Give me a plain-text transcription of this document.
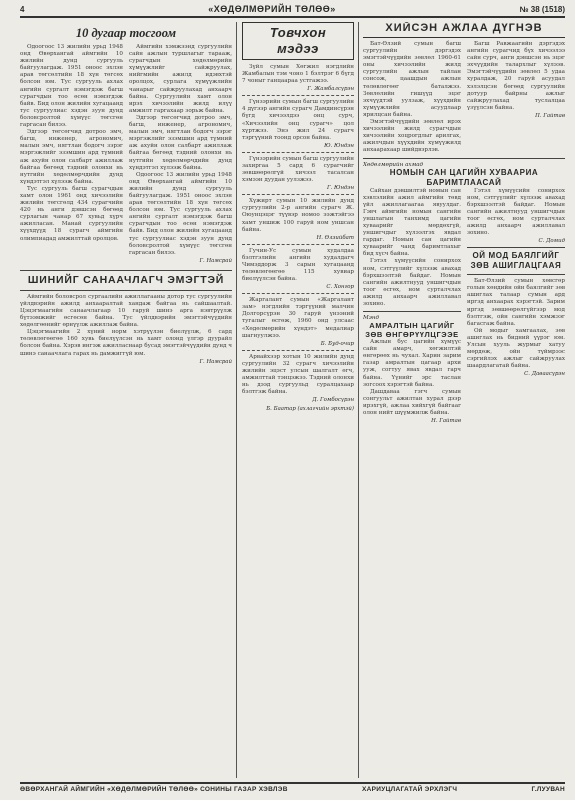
4	«ХӨДӨЛМӨРИЙН ТӨЛӨӨ»	№ 38 (1518)
10 дугаар тосгоом

Одоогоос 13 жилийн урьд 1948 онд Өвөрхангай аймгийн 10 жилийн дунд сургууль байгуулагдаж. 1951 оноос эхлэн арав төгсөлтийн 18 хүн төгсөх болсон юм. Тус сургууль ахлах ангийн сургалт нэмэгдэж багш сурагчдын тоо өсөн нэмэгдэж байв. Бид олон жилийн хугацаанд тус сургуулиас хэдэн зуун дунд боловсролтой хүмүүс төгсгөн гаргасан билээ.

Эдгээр төгсөгчид дотроо эмч, багш, инженер, агрономич, малын эмч, нягтлан бодогч зэрэг мэргэжлийг эзэмшин ард түмний аж ахуйн олон салбарт ажиллаж байгаа бөгөөд тэдний олонхи нь нутгийн хөдөлмөрчдийн дунд хүндэтгэл хүлээж байна.

Тус сургууль багш сурагчдын хамт олон 1961 онд хичээлийн жилийн төгсгөлд 434 сурагчийн 420 нь анги дэвшсэн бөгөөд сурлагын чанар 67 хувьд хүрч ажилласан. Манай сургуулийн хүүхдүүд 18 сурагч аймгийн олимпиадад амжилттай оролцов.

Аймгийн хэмжээнд сургуулийн сайн ажлын туршлагыг тарааж, сурагчдын хөдөлмөрийн хүмүүжлийг сайжруулах, нийгмийн ажилд идэвхтэй оролцох, сурлага хүмүүжлийн чанарыг сайжруулахад анхаарч байна. Сургуулийн хамт олон ирэх хичээлийн жилд илүү амжилт гаргахаар зорьж байна.

Эдгээр төгсөгчид дотроо эмч, багш, инженер, агрономич, малын эмч, нягтлан бодогч зэрэг мэргэжлийг эзэмшин ард түмний аж ахуйн олон салбарт ажиллаж байгаа бөгөөд тэдний олонхи нь нутгийн хөдөлмөрчдийн дунд хүндэтгэл хүлээж байна.

Одоогоос 13 жилийн урьд 1948 онд Өвөрхангай аймгийн 10 жилийн дунд сургууль байгуулагдаж. 1951 оноос эхлэн арав төгсөлтийн 18 хүн төгсөх болсон юм. Тус сургууль ахлах ангийн сургалт нэмэгдэж багш сурагчдын тоо өсөн нэмэгдэж байв. Бид олон жилийн хугацаанд тус сургуулиас хэдэн зуун дунд боловсролтой хүмүүс төгсгөн гаргасан билээ.

Г. Намсрай

ШИНИЙГ САНААЧЛАГЧ ЭМЭГТЭЙ

Аймгийн боловсрол сургаалийн ажиллагааны дотор тус сургуулийн үйлдвэрийн ажилд анхааралтай хандаж байгаа нь сайшаалтай. Цэцэгмаагийн санаачлагаар 10 гаруй шинэ арга нэвтрүүлж бүтээмжийг өсгөсөн байна. Тус үйлдвэрийн эмэгтэйчүүдийн хөдөлгөөнийг өрнүүлж ажиллаж байна.

Цэцэгмаагийн 2 хүний норм хэтрүүлэн биелүүлж, 6 сард төлөвлөгөөгөө 160 хувь биелүүлсэн нь хамт олонд үлгэр дуурайл болсон байна. Хэрэв ингэж ажилласнаар бусад эмэгтэйчүүдийн дунд ч шинэ санаачлага гарах нь дамжиггүй юм.

Г. Намсрай

Товчхон мэдээ

Зүйл сумын Хөгжил нэгдлийн Жамбалын тэм чоно 1 бэлтрэг 6 бүгд 7 чоныг ганцаараа устгажээ.

Г. Жамбалсүрэн

Гүнзэрийн сумын багш сургуулийн 4 дүгээр ангийн сурагч Дамдинсүрэн бүгд хичээлдээ онц сурч, «Хичээлийн онц сурагч» цол хүртжээ. Энэ жил 24 сурагч тэргүүний тоонд орсон байна.

Ю. Юндэн

Гүнзэрийн сумын багш сургуулийн захиргаа 5 сард 6 сурагчийг зөвшөөрөлгүй хичээл тасалсан хэмээн дуудан уулзжээ.

Г. Юндэн

Хүжирт сумын 10 жилийн дунд сургуулийн 2-р ангийн сурагч Ж. Оюунцэцэг түүвэр номоо ээжтэйгээ хамт уншиж 100 гаруй ном уншсан байна.

Н. Өлзийбат

Гучин-Ус сумын худалдаа бэлтгэлийн ангийн худалдагч Чимэддорж 3 сарын хугацаанд төлөвлөгөөгөө 115 хувиар биелүүлсэн байна.

С. Хонгор

Жаргалант сумын «Жаргалант зам» нэгдлийн тэргүүний малчин Долгорсүрэн 30 гаруй үнээний тугалыг өсгөж, 1960 онд улсаас «Хөдөлмөрийн хүндэт» медалиар шагнуулжээ.

Б. Буд-очир

Арвайхээр хотын 10 жилийн дунд сургуулийн 32 сурагч хичээлийн жилийн эцэст улсын шалгалт өгч, амжилттай тэнцэжээ. Тэдний олонхи нь дээд сургуульд суралцахаар бэлтгэж байна.

Д. Гомбосүрэн

Б. Баатар (ахлагчийн эрхтэй)

ХИЙСЭН АЖЛАА ДҮГНЭВ

Бат-Өлзий сумын багш сургуулийн дэргэдэх эмэгтэйчүүдийн зөвлөл 1960-61 оны хичээлийн жилд сургуулийн ажлын тайлан сонсож, цаашдын ажлын төлөвлөгөөг баталжээ. Зөвлөлийн гишүүд эцэг эхчүүдтэй уулзаж, хүүхдийн хүмүүжлийн асуудлаар ярилцсан байна.

Эмэгтэйчүүдийн зөвлөл ирэх хичээлийн жилд сурагчдын хичээлийн хоцрогдлыг арилгах, ажилчдын хүүхдийн хүмүүжилд анхаарахаар шийдвэрлэв.

Багш Равжаагийн дэргэдэх ангийн сурагчид бүх хичээлээ сайн сурч, анги дэвшсэн нь эцэг эхчүүдийн талархлыг хүлээв. Эмэгтэйчүүдийн зөвлөл 5 удаа хуралдаж, 20 гаруй асуудал хэлэлцсэн бөгөөд сургуулийн дотуур байрны ажлыг сайжруулахад туслалцаа үзүүлсэн байна.

П. Гайтав

Хөдөлмөрийн ахмад
НОМЫН САН ЦАГИЙН ХУВААРИА БАРИМТЛААСАЙ

Сайхан дэвшилтэй номын сан хэвлэлийн ажил аймгийн төвд үйл ажиллагаагаа явуулдаг. Гэвч аймгийн номын сангийн уншлагын танхимд цагийн хуваарийг мөрдөхгүй, уншигчдыг хүлээлгэх явдал гардаг. Номын сан цагийн хуваарийг чанд баримтлахыг бид хүсч байна.

Гэтэл хүмүүсийн сонирхох ном, сэтгүүлийг хүлээж авахад бэрхшээлтэй байдаг. Номын сангийн ажилтнууд уншигчдын тоог өсгөх, ном сурталчлах ажилд анхаарч ажиллавал зохино.

Мэнд
АМРАЛТЫН ЦАГИЙГ ЗӨВ ӨНГӨРҮҮЛЦГЭЭЕ

Ажлын бус цагийн хүмүүс сайн амарч, хөгжилтэй өнгөрөөх нь чухал. Харин зарим газар амралтын цагаар архи ууж, согтуу явах явдал гарч байна. Үүнийг эрс таслан зогсоох хэрэгтэй байна.

Дашдаваа гэгч сумын сонгуульт ажилтан хурал дээр ирэхгүй, ажлаа хийхгүй байгааг олон нийт шүүмжилж байна.

Н. Гайтав

Гэтэл хүмүүсийн сонирхох ном, сэтгүүлийг хүлээж авахад бэрхшээлтэй байдаг. Номын сангийн ажилтнууд уншигчдын тоог өсгөх, ном сурталчлах ажилд анхаарч ажиллавал зохино.

С. Домид

ОЙ МОД БАЯЛГИЙГ ЗӨВ АШИГЛАЦГААЯ

Бат-Өлзий сумын хөвсгөр голын хөндийн ойн баялгийг зөв ашиглах талаар сумын ард иргэд анхаарах хэрэгтэй. Зарим иргэд зөвшөөрөлгүйгээр мод бэлтгэж, ойн сангийн хэмжээг багасгаж байна.

Ой модыг хамгаалах, зөв ашиглах нь бидний үүрэг юм. Улсын хууль журмыг хатуу мөрдөж, ойн түймрээс сэргийлэх ажлыг сайжруулах шаардлагатай байна.

С. Даваасүрэн

ӨВӨРХАНГАЙ АЙМГИЙН «ХӨДӨЛМӨРИЙН ТӨЛӨӨ» СОНИНЫ ГАЗАР ХЭВЛЭВ	ХАРИУЦЛАГАТАЙ ЭРХЛЭГЧ	Г.ЛУУВАН
